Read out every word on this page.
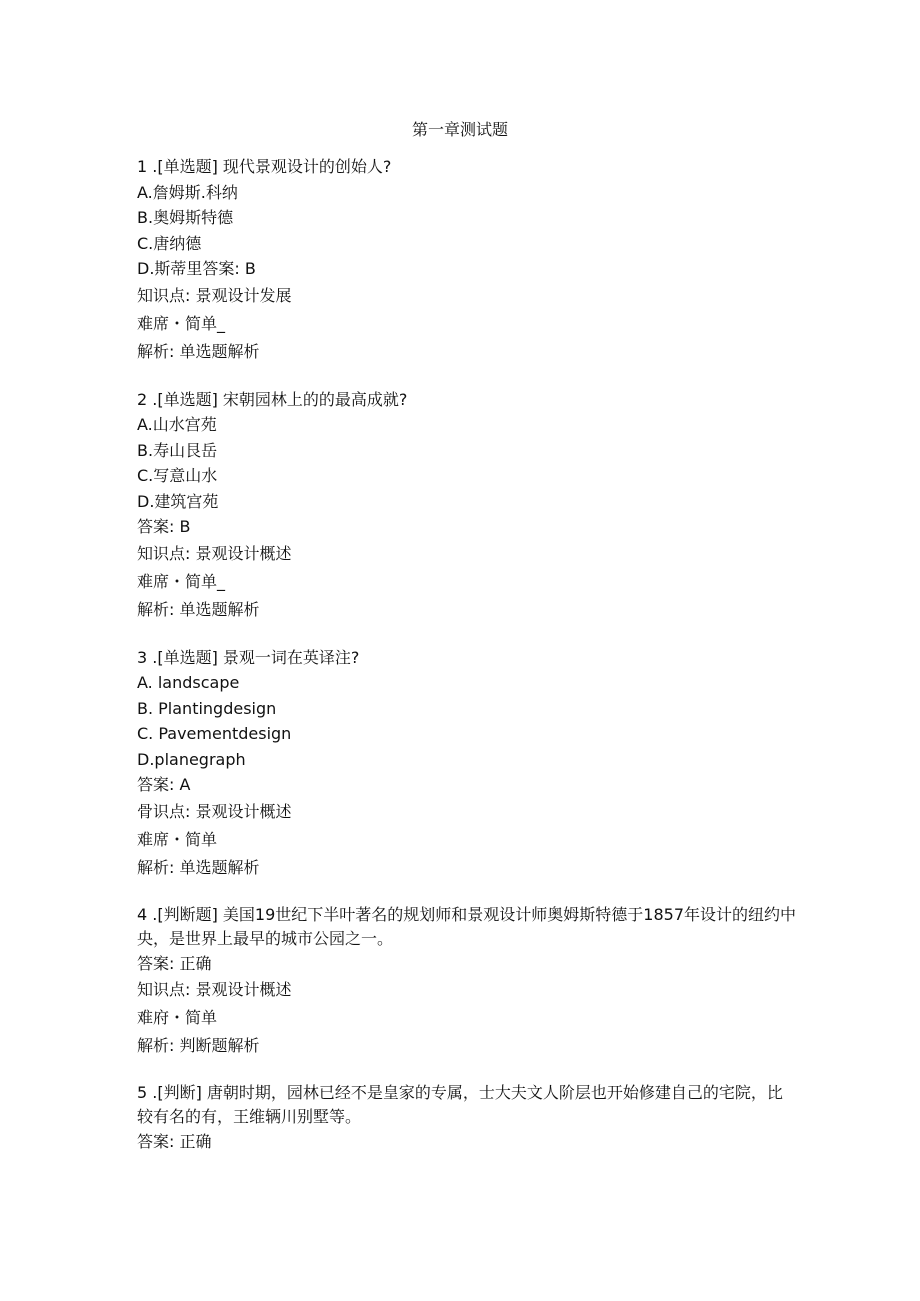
第一章测试题
1 .[单选题] 现代景观设计的创始人?
A.詹姆斯.科纳
B.奥姆斯特德
C.唐纳德
D.斯蒂里答案: B
知识点: 景观设计发展
难席・简单_
解析: 单选题解析
2 .[单选题] 宋朝园林上的的最高成就?
A.山水宫苑
B.寿山艮岳
C.写意山水
D.建筑宫苑
答案: B
知识点: 景观设计概述
难席・简单_
解析: 单选题解析
3 .[单选题] 景观一词在英译注?
A. landscape
B. Plantingdesign
C. Pavementdesign
D.planegraph
答案: A
骨识点: 景观设计概述
难席・简单
解析: 单选题解析
4 .[判断题] 美国19世纪下半叶著名的规划师和景观设计师奥姆斯特德于1857年设计的纽约中央，是世界上最早的城市公园之一。
答案: 正确
知识点: 景观设计概述
难府・简单
解析: 判断题解析
5 .[判断] 唐朝时期，园林已经不是皇家的专属，士大夫文人阶层也开始修建自己的宅院，比较有名的有，王维辆川别墅等。
答案: 正确
